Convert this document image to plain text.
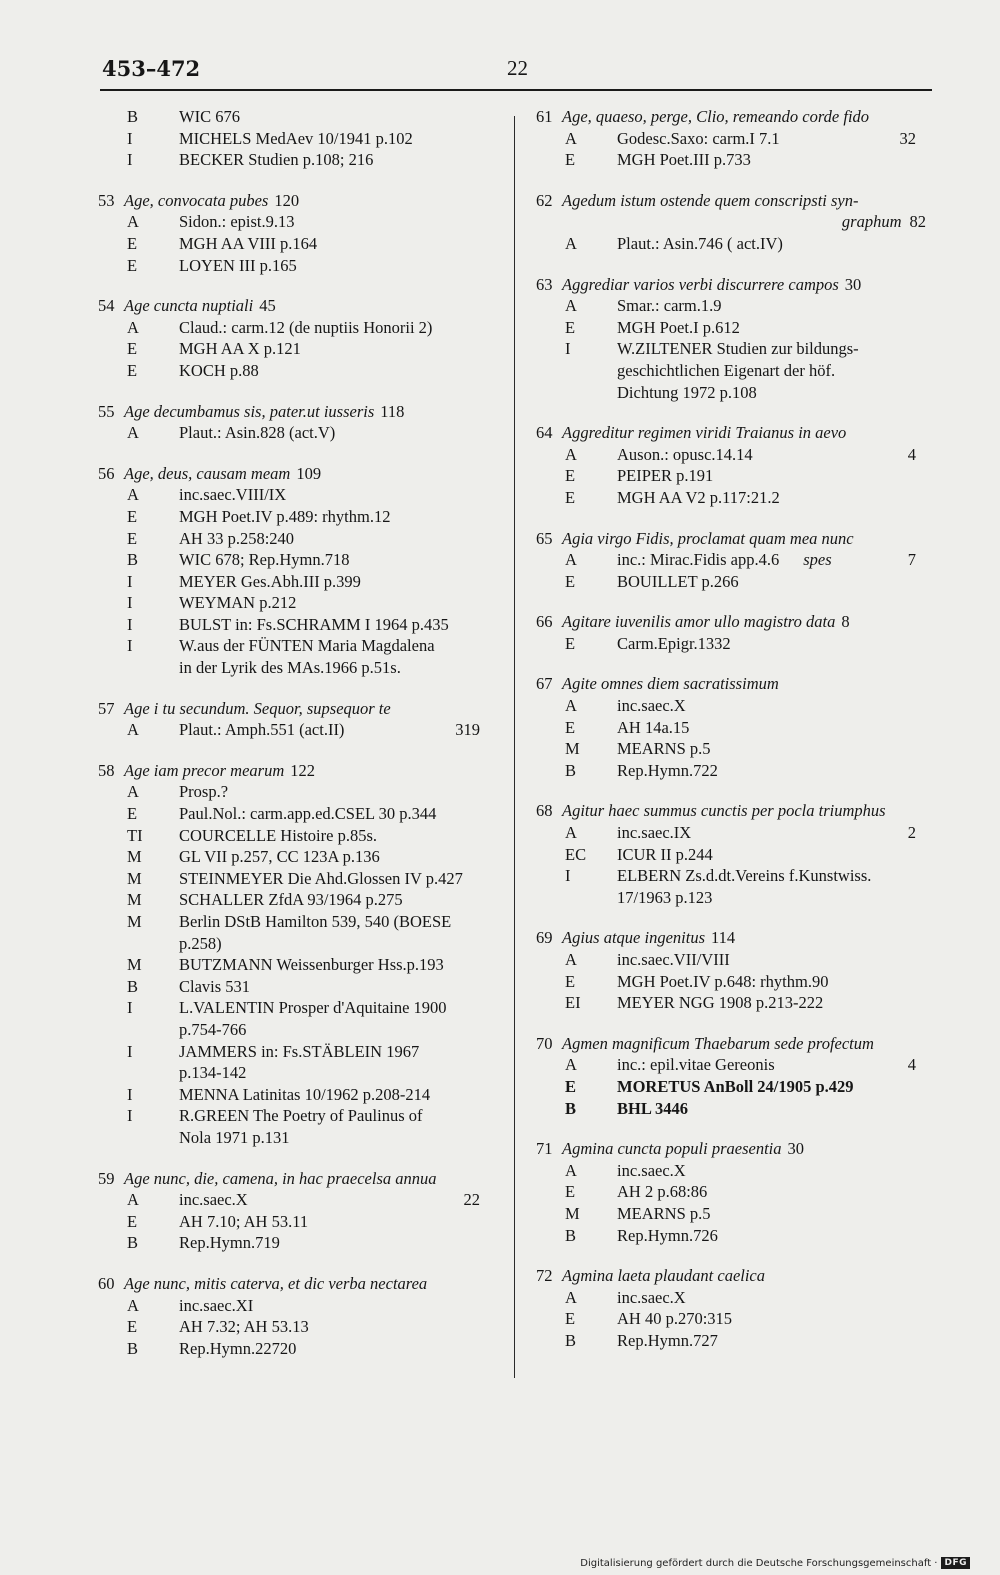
453–472	22
B	WIC 676
I	MICHELS MedAev 10/1941 p.102
I	BECKER Studien p.108; 216
53 Age, convocata pubes 120
A	Sidon.: epist.9.13
E	MGH AA VIII p.164
E	LOYEN III p.165
54 Age cuncta nuptiali 45
A	Claud.: carm.12 (de nuptiis Honorii 2)
E	MGH AA X p.121
E	KOCH p.88
55 Age decumbamus sis, pater.ut iusseris 118
A	Plaut.: Asin.828 (act.V)
56 Age, deus, causam meam 109
A	inc.saec.VIII/IX
E	MGH Poet.IV p.489: rhythm.12
E	AH 33 p.258:240
B	WIC 678; Rep.Hymn.718
I	MEYER Ges.Abh.III p.399
I	WEYMAN p.212
I	BULST in: Fs.SCHRAMM I 1964 p.435
I	W.aus der FÜNTEN Maria Magdalena
in der Lyrik des MAs.1966 p.51s.
57 Age i tu secundum. Sequor, supsequor te
A	Plaut.: Amph.551 (act.II)	319
58 Age iam precor mearum 122
A	Prosp.?
E	Paul.Nol.: carm.app.ed.CSEL 30 p.344
TI	COURCELLE Histoire p.85s.
M	GL VII p.257, CC 123A p.136
M	STEINMEYER Die Ahd.Glossen IV p.427
M	SCHALLER ZfdA 93/1964 p.275
M	Berlin DStB Hamilton 539, 540 (BOESE
p.258)
M	BUTZMANN Weissenburger Hss.p.193
B	Clavis 531
I	L.VALENTIN Prosper d'Aquitaine 1900
p.754-766
I	JAMMERS in: Fs.STÄBLEIN 1967
p.134-142
I	MENNA Latinitas 10/1962 p.208-214
I	R.GREEN The Poetry of Paulinus of
Nola 1971 p.131
59 Age nunc, die, camena, in hac praecelsa annua
A	inc.saec.X	22
E	AH 7.10; AH 53.11
B	Rep.Hymn.719
60 Age nunc, mitis caterva, et dic verba nectarea
A	inc.saec.XI
E	AH 7.32; AH 53.13
B	Rep.Hymn.22720
61 Age, quaeso, perge, Clio, remeando corde fido
A	Godesc.Saxo: carm.I 7.1	32
E	MGH Poet.III p.733
62 Agedum istum ostende quem conscripsti syn-
graphum 82
A	Plaut.: Asin.746 ( act.IV)
63 Aggrediar varios verbi discurrere campos 30
A	Smar.: carm.1.9
E	MGH Poet.I p.612
I	W.ZILTENER Studien zur bildungs-
geschichtlichen Eigenart der höf.
Dichtung 1972 p.108
64 Aggreditur regimen viridi Traianus in aevo
A	Auson.: opusc.14.14	4
E	PEIPER p.191
E	MGH AA V2 p.117:21.2
65 Agia virgo Fidis, proclamat quam mea nunc
A	inc.: Mirac.Fidis app.4.6 spes	7
E	BOUILLET p.266
66 Agitare iuvenilis amor ullo magistro data 8
E	Carm.Epigr.1332
67 Agite omnes diem sacratissimum
A	inc.saec.X
E	AH 14a.15
M	MEARNS p.5
B	Rep.Hymn.722
68 Agitur haec summus cunctis per pocla triumphus
A	inc.saec.IX	2
EC	ICUR II p.244
I	ELBERN Zs.d.dt.Vereins f.Kunstwiss.
17/1963 p.123
69 Agius atque ingenitus 114
A	inc.saec.VII/VIII
E	MGH Poet.IV p.648: rhythm.90
EI	MEYER NGG 1908 p.213-222
70 Agmen magnificum Thaebarum sede profectum
A	inc.: epil.vitae Gereonis	4
E	MORETUS AnBoll 24/1905 p.429
B	BHL 3446
71 Agmina cuncta populi praesentia 30
A	inc.saec.X
E	AH 2 p.68:86
M	MEARNS p.5
B	Rep.Hymn.726
72 Agmina laeta plaudant caelica
A	inc.saec.X
E	AH 40 p.270:315
B	Rep.Hymn.727
Digitalisierung gefördert durch die Deutsche Forschungsgemeinschaft · DFG
